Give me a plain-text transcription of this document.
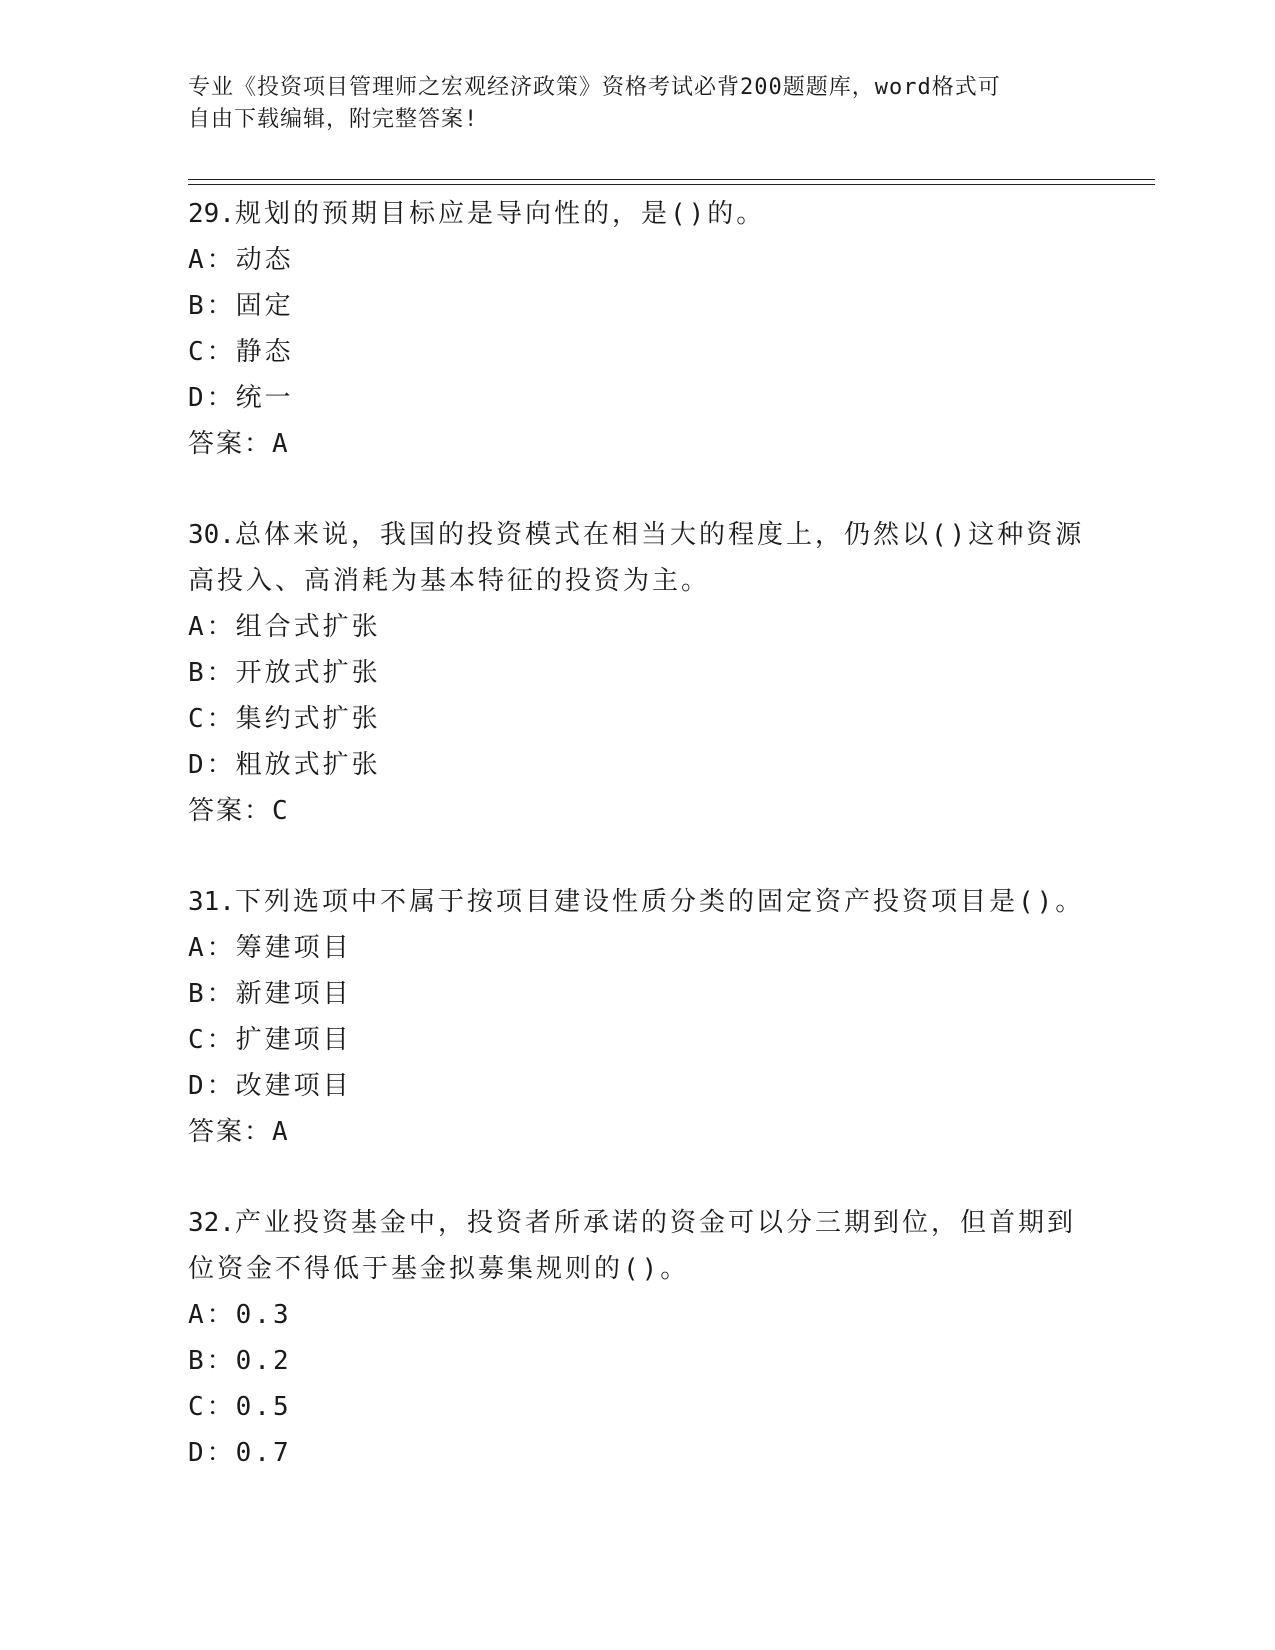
专业《投资项目管理师之宏观经济政策》资格考试必背200题题库，word格式可
自由下载编辑，附完整答案!
29.规划的预期目标应是导向性的，是()的。
A：动态
B：固定
C：静态
D：统一
答案：A
30.总体来说，我国的投资模式在相当大的程度上，仍然以()这种资源高投入、高消耗为基本特征的投资为主。
A：组合式扩张
B：开放式扩张
C：集约式扩张
D：粗放式扩张
答案：C
31.下列选项中不属于按项目建设性质分类的固定资产投资项目是()。
A：筹建项目
B：新建项目
C：扩建项目
D：改建项目
答案：A
32.产业投资基金中，投资者所承诺的资金可以分三期到位，但首期到位资金不得低于基金拟募集规则的()。
A：0.3
B：0.2
C：0.5
D：0.7
